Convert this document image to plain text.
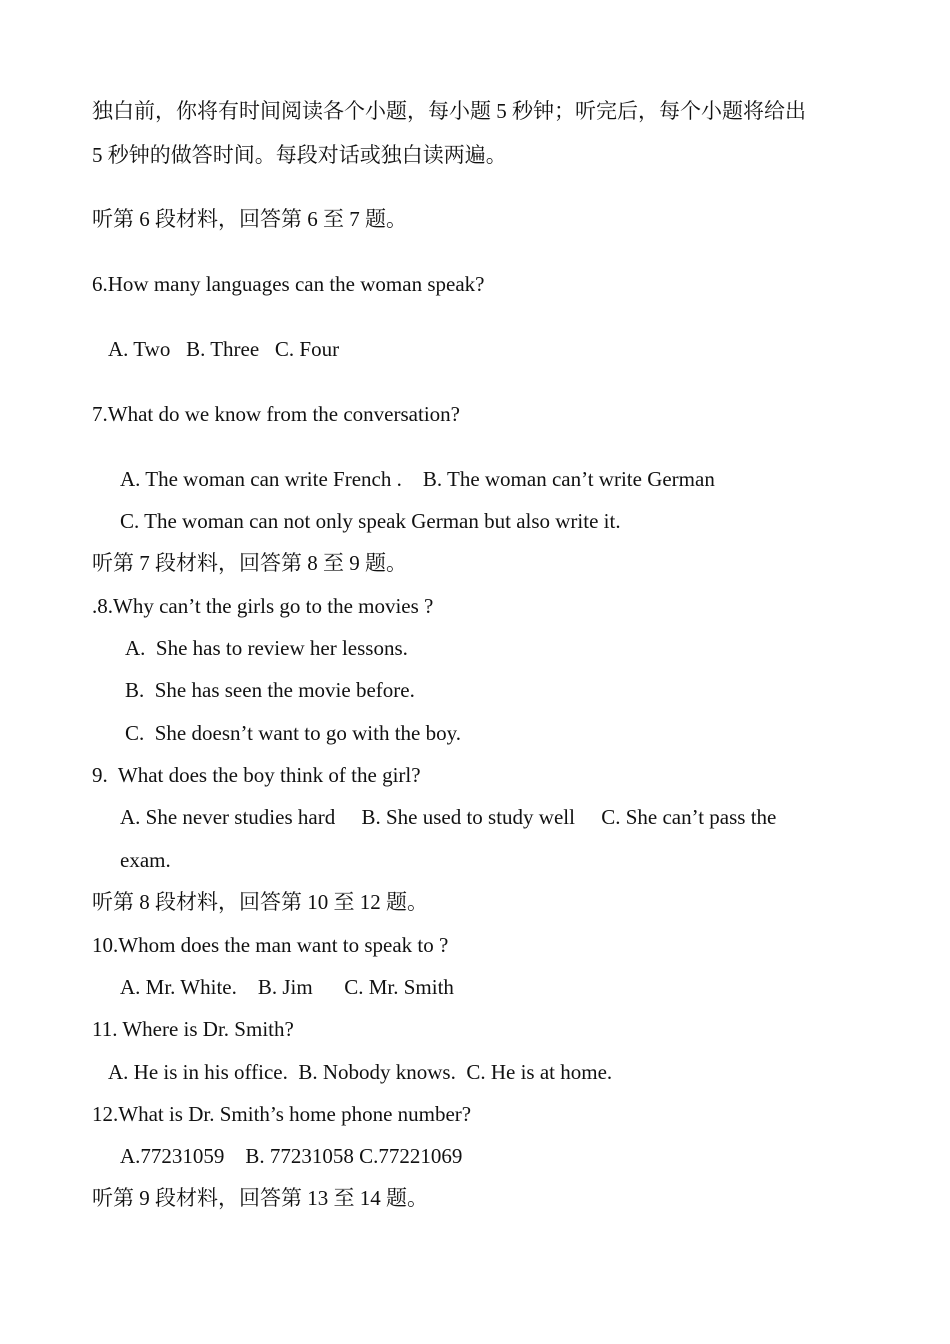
独白前，你将有时间阅读各个小题，每小题 5 秒钟；听完后，每个小题将给出
5 秒钟的做答时间。每段对话或独白读两遍。
听第 6 段材料，回答第 6 至 7 题。
6.How many languages can the woman speak?
A. Two   B. Three   C. Four
7.What do we know from the conversation?
A. The woman can write French .    B. The woman can’t write German
C. The woman can not only speak German but also write it.
听第 7 段材料，回答第 8 至 9 题。
.8.Why can’t the girls go to the movies ?
A.  She has to review her lessons.
B.  She has seen the movie before.
C.  She doesn’t want to go with the boy.
9.  What does the boy think of the girl?
A. She never studies hard     B. She used to study well     C. She can’t pass the
exam.
听第 8 段材料，回答第 10 至 12 题。
10.Whom does the man want to speak to ?
A. Mr. White.    B. Jim      C. Mr. Smith
11. Where is Dr. Smith?
A. He is in his office.  B. Nobody knows.  C. He is at home.
12.What is Dr. Smith’s home phone number?
A.77231059    B. 77231058 C.77221069
听第 9 段材料，回答第 13 至 14 题。
